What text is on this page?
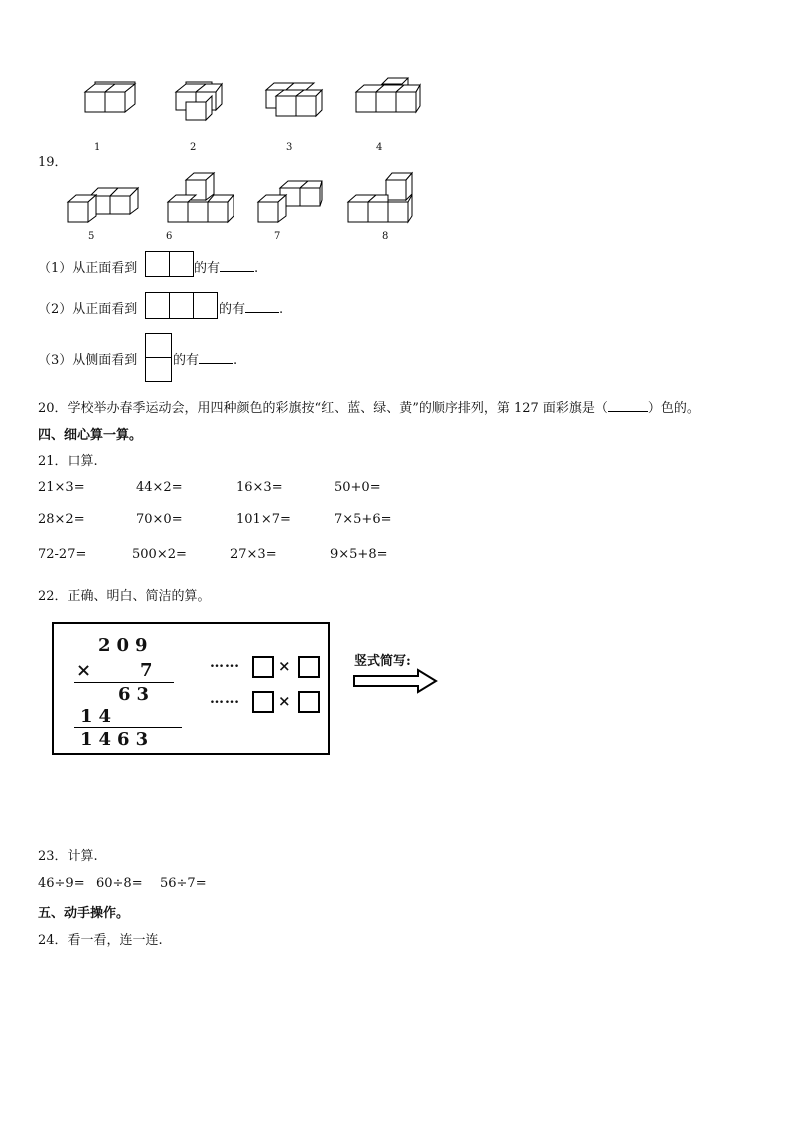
19．
1	2	3	4
5	6	7	8
（1）从正面看到	的有	.
（2）从正面看到	的有	.
（3）从侧面看到	的有	.
20．学校举办春季运动会，用四种颜色的彩旗按“红、蓝、绿、黄”的顺序排列，第 127 面彩旗是（	）色的。
四、细心算一算。
21．口算.
21×3=	44×2=	16×3=	50+0=
28×2=	70×0=	101×7=	7×5+6=
72-27=	500×2=	27×3=	9×5+8=
22．正确、明白、简洁的算。
209
× 7
63
14
1463
……	×
……	×
竖式简写:
23．计算.
46÷9= 60÷8= 56÷7=
五、动手操作。
24．看一看，连一连.
